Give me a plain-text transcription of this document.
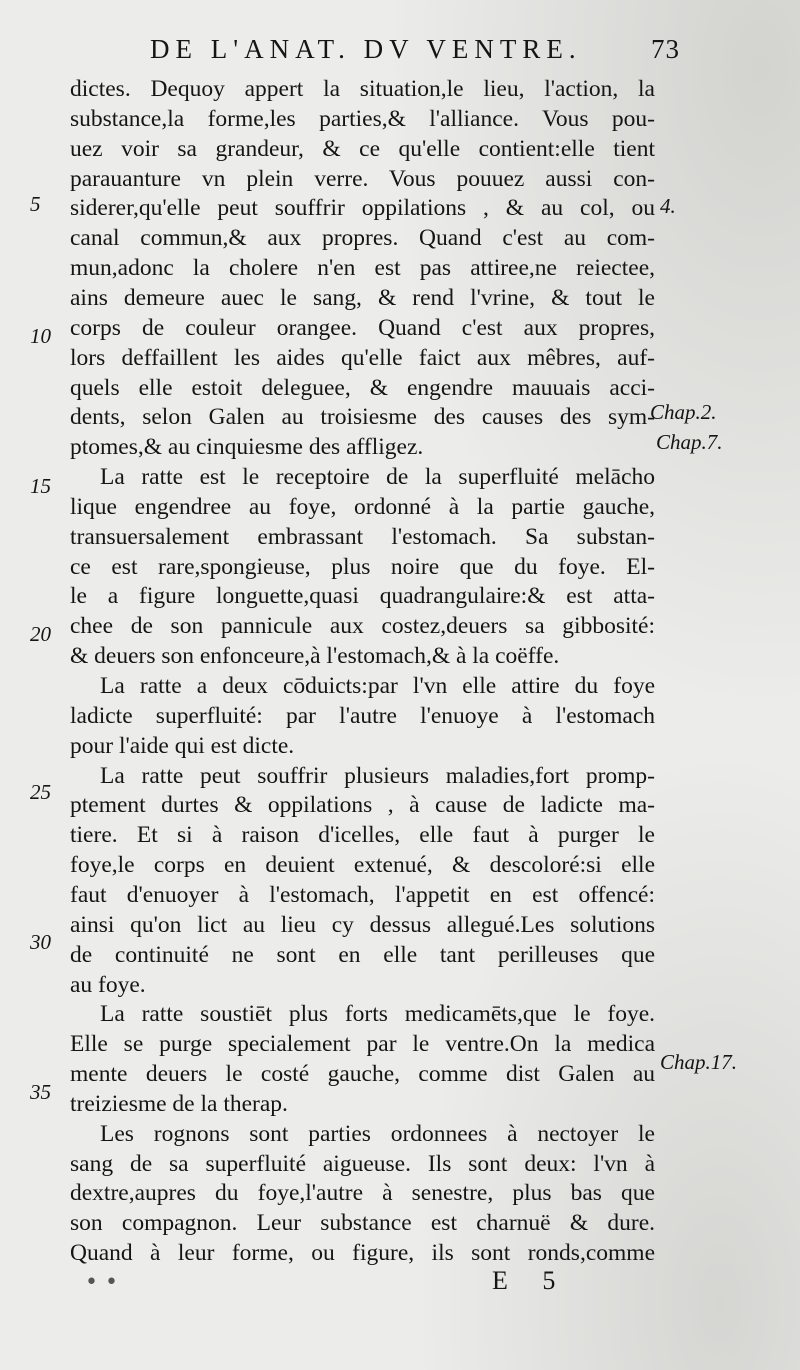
DE L'ANAT. DV VENTRE.	73
dictes. Dequoy appert la situation,le lieu, l'action, la
substance,la forme,les parties,& l'alliance. Vous pou-
uez voir sa grandeur, & ce qu'elle contient:elle tient
parauanture vn plein verre. Vous pouuez aussi con-
siderer,qu'elle peut souffrir oppilations , & au col, ou
canal commun,& aux propres. Quand c'est au com-
mun,adonc la cholere n'en est pas attiree,ne reiectee,
ains demeure auec le sang, & rend l'vrine, & tout le
corps de couleur orangee. Quand c'est aux propres,
lors deffaillent les aides qu'elle faict aux mêbres, auf-
quels elle estoit deleguee, & engendre mauuais acci-
dents, selon Galen au troisiesme des causes des sym-
ptomes,& au cinquiesme des affligez.
La ratte est le receptoire de la superfluité melācho
lique engendree au foye, ordonné à la partie gauche,
transuersalement embrassant l'estomach. Sa substan-
ce est rare,spongieuse, plus noire que du foye. El-
le a figure longuette,quasi quadrangulaire:& est atta-
chee de son pannicule aux costez,deuers sa gibbosité:
& deuers son enfonceure,à l'estomach,& à la coëffe.
La ratte a deux cōduicts:par l'vn elle attire du foye
ladicte superfluité: par l'autre l'enuoye à l'estomach
pour l'aide qui est dicte.
La ratte peut souffrir plusieurs maladies,fort promp-
ptement durtes & oppilations , à cause de ladicte ma-
tiere. Et si à raison d'icelles, elle faut à purger le
foye,le corps en deuient extenué, & descoloré:si elle
faut d'enuoyer à l'estomach, l'appetit en est offencé:
ainsi qu'on lict au lieu cy dessus allegué.Les solutions
de continuité ne sont en elle tant perilleuses que
au foye.
La ratte soustiēt plus forts medicamēts,que le foye.
Elle se purge specialement par le ventre.On la medica
mente deuers le costé gauche, comme dist Galen au
treiziesme de la therap.
Les rognons sont parties ordonnees à nectoyer le
sang de sa superfluité aigueuse. Ils sont deux: l'vn à
dextre,aupres du foye,l'autre à senestre, plus bas que
son compagnon. Leur substance est charnuë & dure.
Quand à leur forme, ou figure, ils sont ronds,comme
5
10
15
20
25
30
35
4.
Chap.2.
Chap.7.
Chap.17.
E 5
• •
